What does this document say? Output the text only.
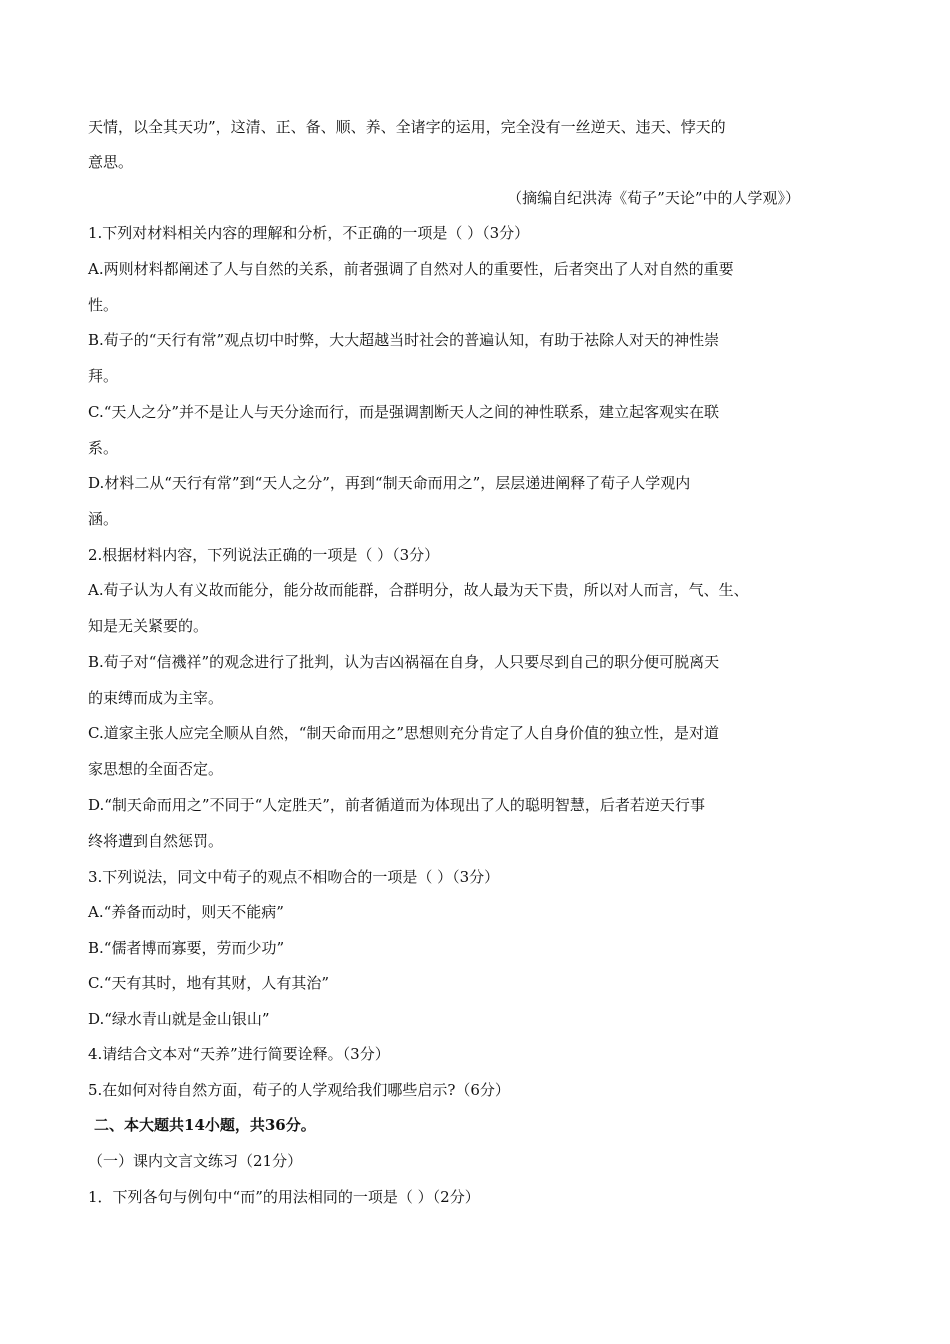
天情，以全其天功”，这清、正、备、顺、养、全诸字的运用，完全没有一丝逆天、违天、悖天的
意思。
（摘编自纪洪涛《荀子”天论”中的人学观》）
1.下列对材料相关内容的理解和分析，不正确的一项是（ ）（3分）
A.两则材料都阐述了人与自然的关系，前者强调了自然对人的重要性，后者突出了人对自然的重要
性。
B.荀子的“天行有常”观点切中时弊，大大超越当时社会的普遍认知，有助于祛除人对天的神性崇
拜。
C.“天人之分”并不是让人与天分途而行，而是强调割断天人之间的神性联系，建立起客观实在联
系。
D.材料二从“天行有常”到“天人之分”，再到“制天命而用之”，层层递进阐释了荀子人学观内
涵。
2.根据材料内容，下列说法正确的一项是（ ）（3分）
A.荀子认为人有义故而能分，能分故而能群，合群明分，故人最为天下贵，所以对人而言，气、生、
知是无关紧要的。
B.荀子对“信禨祥”的观念进行了批判，认为吉凶祸福在自身，人只要尽到自己的职分便可脱离天
的束缚而成为主宰。
C.道家主张人应完全顺从自然，“制天命而用之”思想则充分肯定了人自身价值的独立性，是对道
家思想的全面否定。
D.“制天命而用之”不同于“人定胜天”，前者循道而为体现出了人的聪明智慧，后者若逆天行事
终将遭到自然惩罚。
3.下列说法，同文中荀子的观点不相吻合的一项是（ ）（3分）
A.“养备而动时，则天不能病”
B.“儒者博而寡要，劳而少功”
C.“天有其时，地有其财，人有其治”
D.“绿水青山就是金山银山”
4.请结合文本对“天养”进行简要诠释。（3分）
5.在如何对待自然方面，荀子的人学观给我们哪些启示?（6分）
二、本大题共14小题，共36分。
（一）课内文言文练习（21分）
1．下列各句与例句中“而”的用法相同的一项是（ ）（2分）
